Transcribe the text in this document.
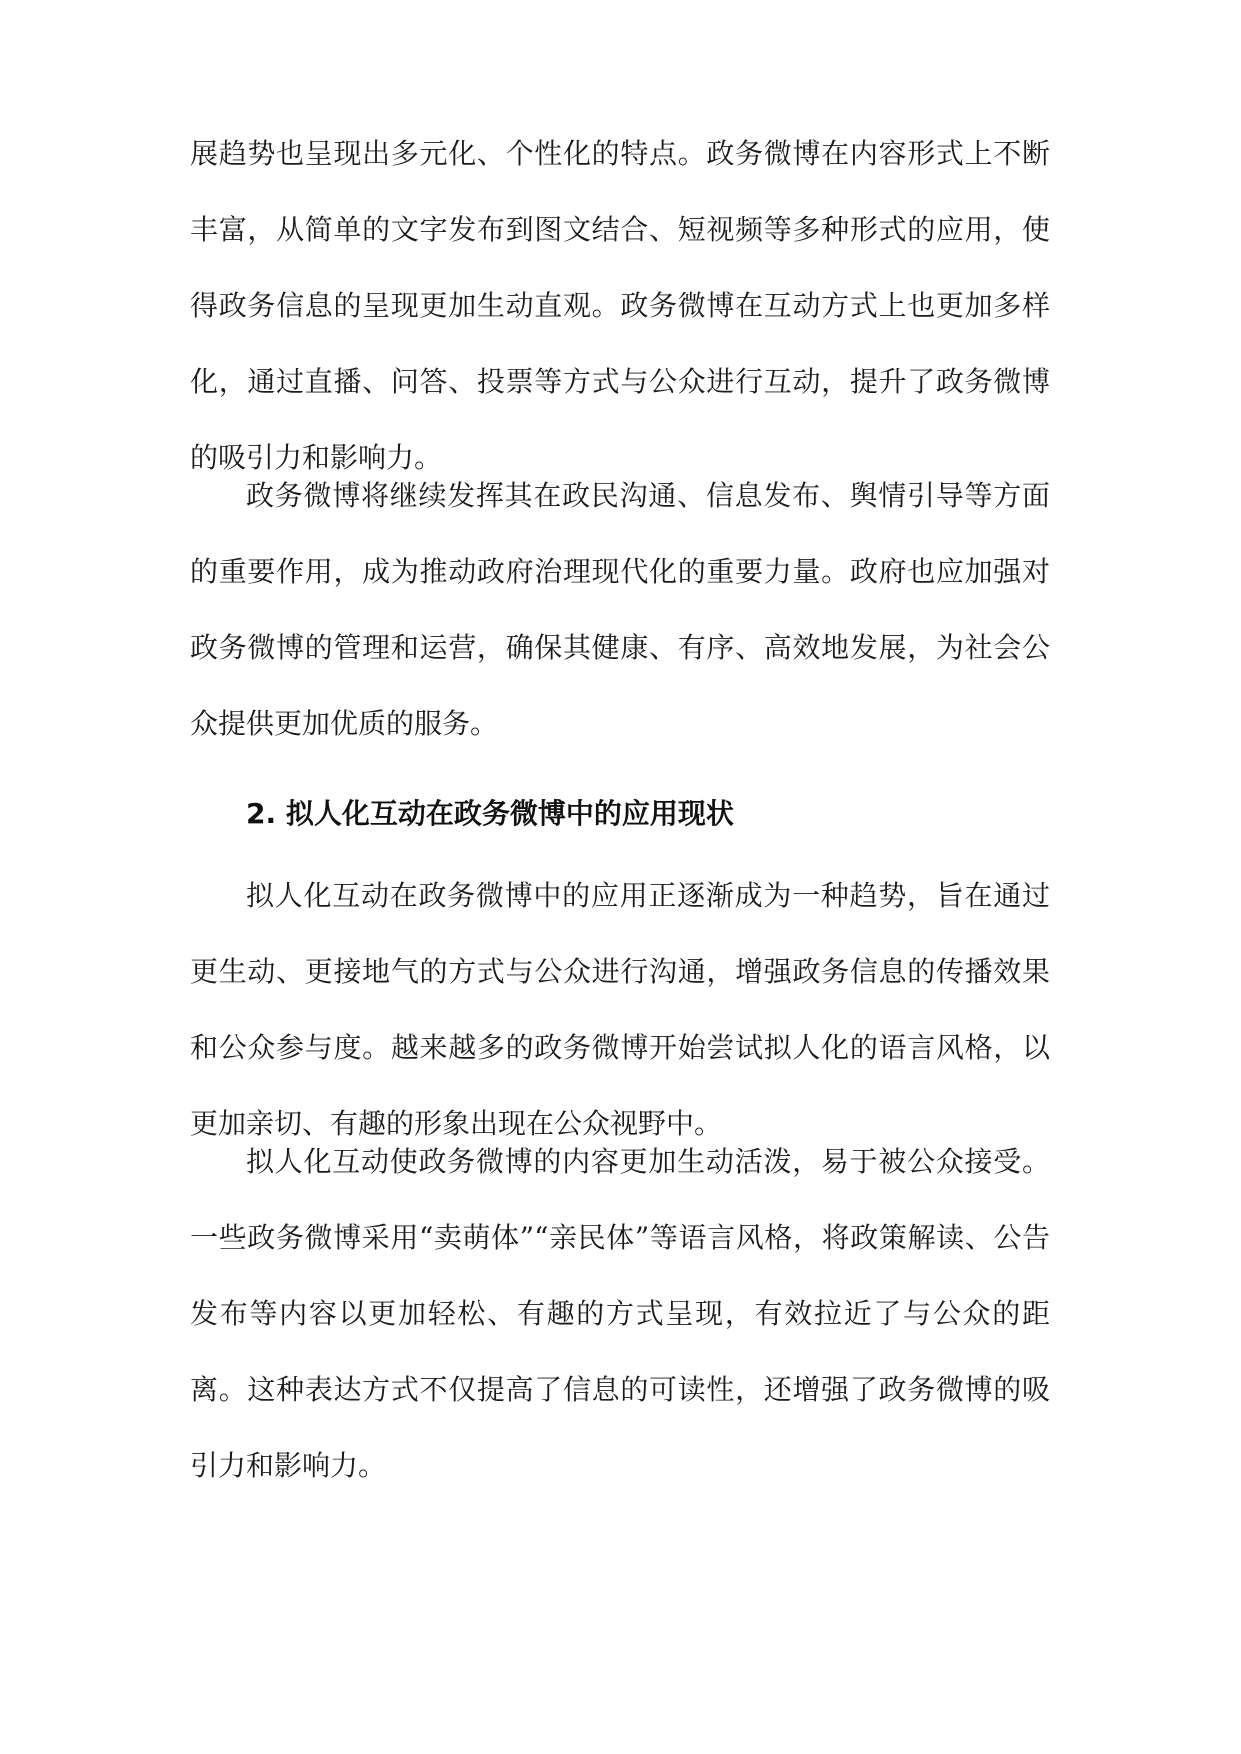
展趋势也呈现出多元化、个性化的特点。政务微博在内容形式上不断丰富，从简单的文字发布到图文结合、短视频等多种形式的应用，使得政务信息的呈现更加生动直观。政务微博在互动方式上也更加多样化，通过直播、问答、投票等方式与公众进行互动，提升了政务微博的吸引力和影响力。

政务微博将继续发挥其在政民沟通、信息发布、舆情引导等方面的重要作用，成为推动政府治理现代化的重要力量。政府也应加强对政务微博的管理和运营，确保其健康、有序、高效地发展，为社会公众提供更加优质的服务。

2. 拟人化互动在政务微博中的应用现状

拟人化互动在政务微博中的应用正逐渐成为一种趋势，旨在通过更生动、更接地气的方式与公众进行沟通，增强政务信息的传播效果和公众参与度。越来越多的政务微博开始尝试拟人化的语言风格，以更加亲切、有趣的形象出现在公众视野中。

拟人化互动使政务微博的内容更加生动活泼，易于被公众接受。一些政务微博采用“卖萌体”“亲民体”等语言风格，将政策解读、公告发布等内容以更加轻松、有趣的方式呈现，有效拉近了与公众的距离。这种表达方式不仅提高了信息的可读性，还增强了政务微博的吸引力和影响力。
